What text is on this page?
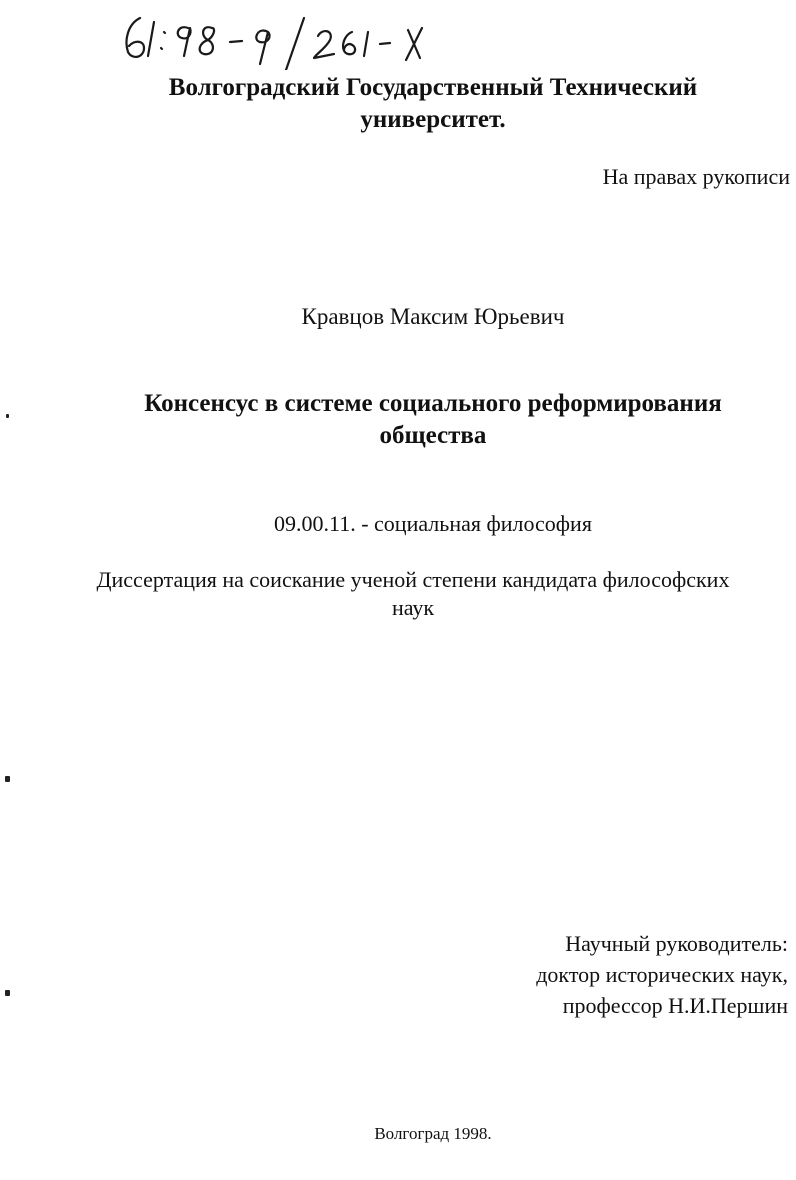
Волгоградский Государственный Технический
университет.
На правах рукописи
Кравцов Максим Юрьевич
Консенсус в системе социального реформирования
общества
09.00.11. - социальная философия
Диссертация на соискание ученой степени кандидата философских
наук
Научный руководитель:
доктор исторических наук,
профессор Н.И.Першин
Волгоград 1998.
